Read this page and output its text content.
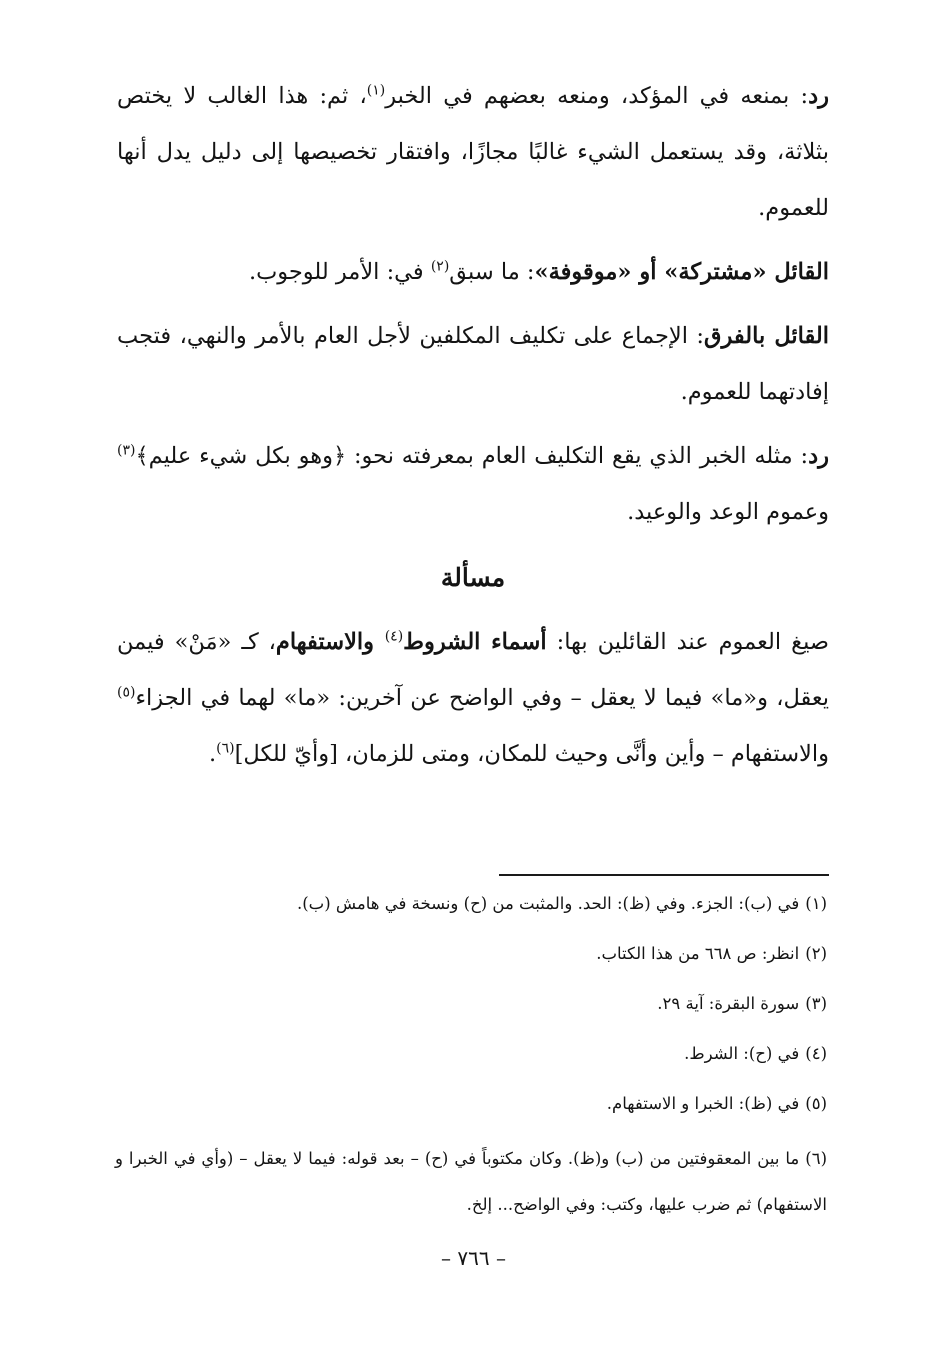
رد: بمنعه في المؤكد، ومنعه بعضهم في الخبر$^{(١)}$، ثم: هذا الغالب لا يختص بثلاثة، وقد يستعمل الشيء غالبًا مجازًا، وافتقار تخصيصها إلى دليل يدل أنها للعموم.

القائل «مشتركة» أو «موقوفة»: ما سبق$^{(٢)}$ في: الأمر للوجوب.

القائل بالفرق: الإجماع على تكليف المكلفين لأجل العام بالأمر والنهي، فتجب إفادتهما للعموم.

رد: مثله الخبر الذي يقع التكليف العام بمعرفته نحو: ﴿وهو بكل شيء عليم﴾$^{(٣)}$ وعموم الوعد والوعيد.

مسألة

صيغ العموم عند القائلين بها: أسماء الشروط$^{(٤)}$ والاستفهام، كـ «مَنْ» فيمن يعقل، و«ما» فيما لا يعقل – وفي الواضح عن آخرين: «ما» لهما في الجزاء$^{(٥)}$ والاستفهام – وأين وأنَّى وحيث للمكان، ومتى للزمان، [وأيّ للكل]$^{(٦)}$.

(١)في (ب): الجزء. وفي (ظ): الحد. والمثبت من (ح) ونسخة في هامش (ب).
(٢)انظر: ص ٦٦٨ من هذا الكتاب.
(٣)سورة البقرة: آية ٢٩.
(٤)في (ح): الشرط.
(٥)في (ظ): الخبرا و الاستفهام.
(٦)ما بين المعقوفتين من (ب) و(ظ). وكان مكتوباً في (ح) – بعد قوله: فيما لا يعقل – (وأي في الخبرا و الاستفهام) ثم ضرب عليها، وكتب: وفي الواضح... إلخ.
– ٧٦٦ –
